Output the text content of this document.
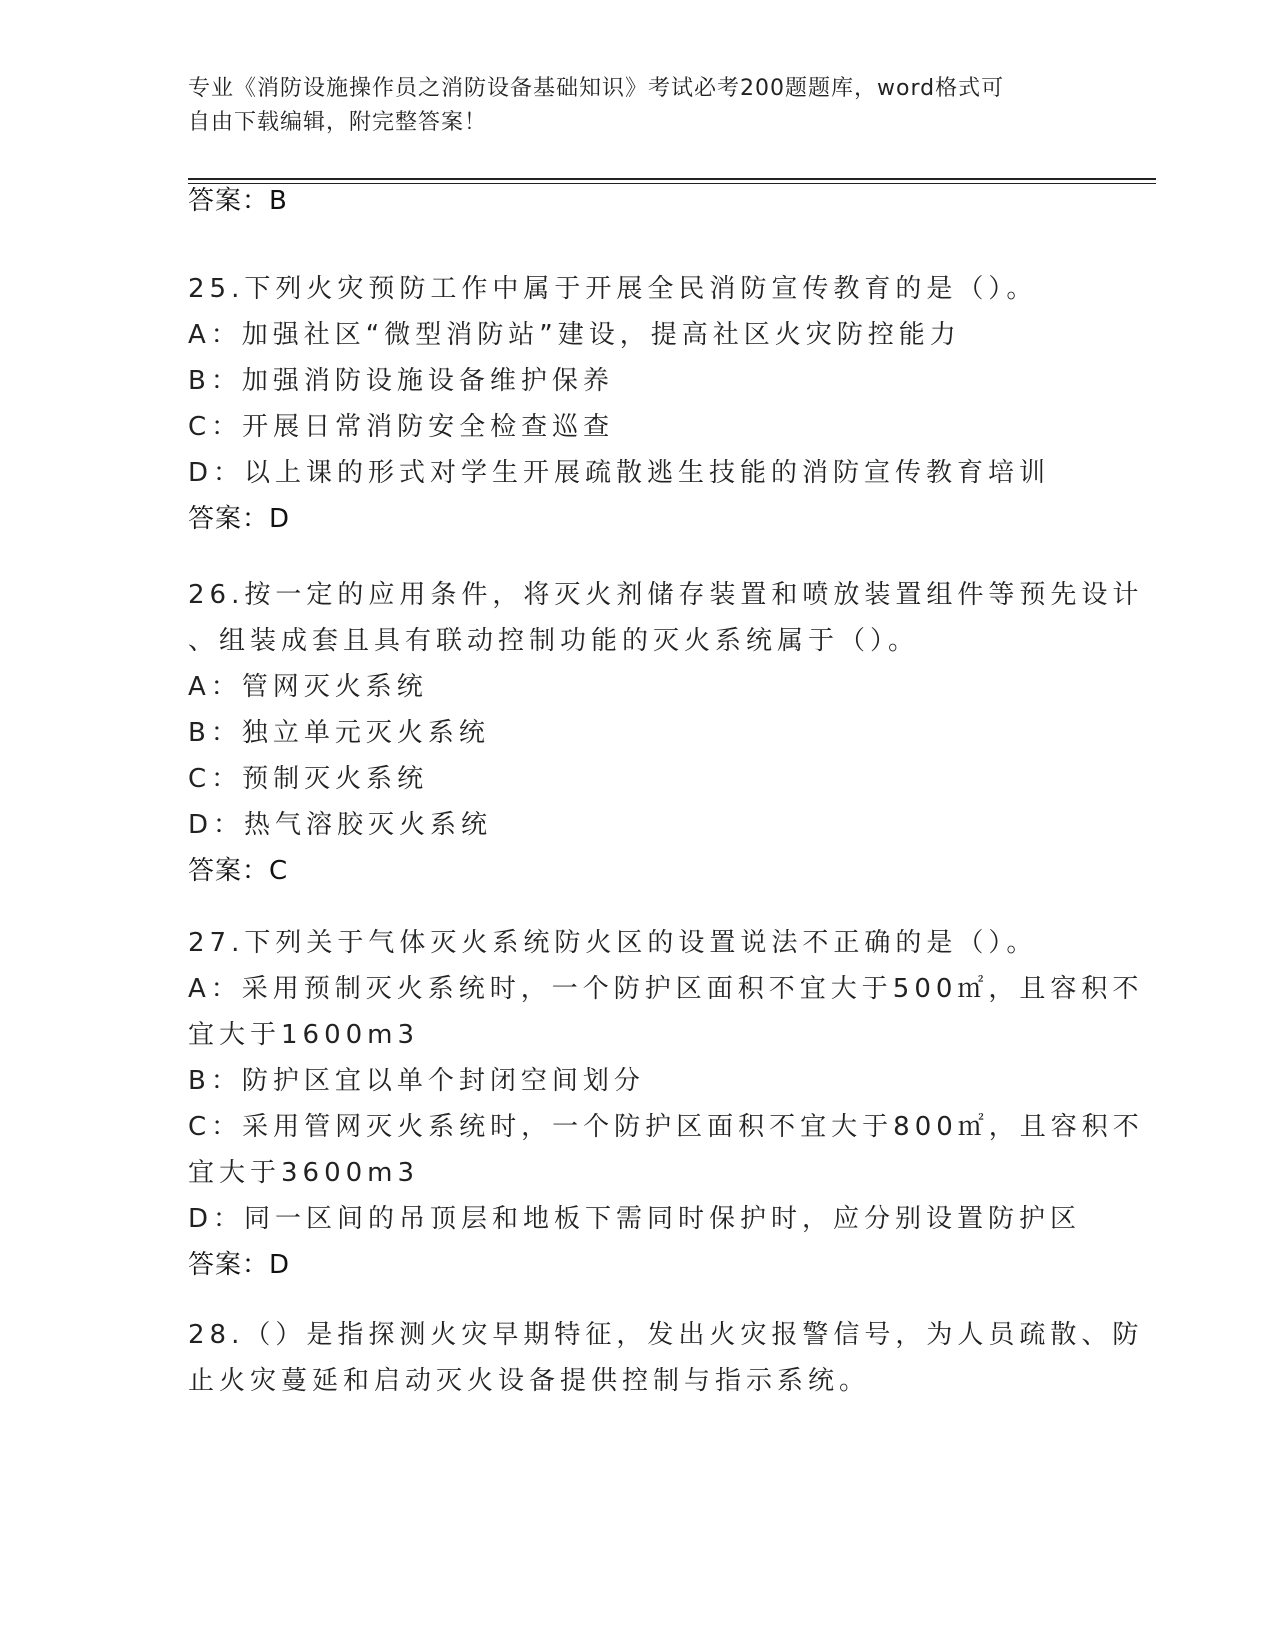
专业《消防设施操作员之消防设备基础知识》考试必考200题题库，word格式可
自由下载编辑，附完整答案！
答案：B
25.下列火灾预防工作中属于开展全民消防宣传教育的是（）。
A：加强社区“微型消防站”建设，提高社区火灾防控能力
B：加强消防设施设备维护保养
C：开展日常消防安全检查巡查
D：以上课的形式对学生开展疏散逃生技能的消防宣传教育培训
答案：D
26.按一定的应用条件，将灭火剂储存装置和喷放装置组件等预先设计
、组装成套且具有联动控制功能的灭火系统属于（）。
A：管网灭火系统
B：独立单元灭火系统
C：预制灭火系统
D：热气溶胶灭火系统
答案：C
27.下列关于气体灭火系统防火区的设置说法不正确的是（）。
A：采用预制灭火系统时，一个防护区面积不宜大于500㎡，且容积不
宜大于1600m3
B：防护区宜以单个封闭空间划分
C：采用管网灭火系统时，一个防护区面积不宜大于800㎡，且容积不
宜大于3600m3
D：同一区间的吊顶层和地板下需同时保护时，应分别设置防护区
答案：D
28.（）是指探测火灾早期特征，发出火灾报警信号，为人员疏散、防
止火灾蔓延和启动灭火设备提供控制与指示系统。
